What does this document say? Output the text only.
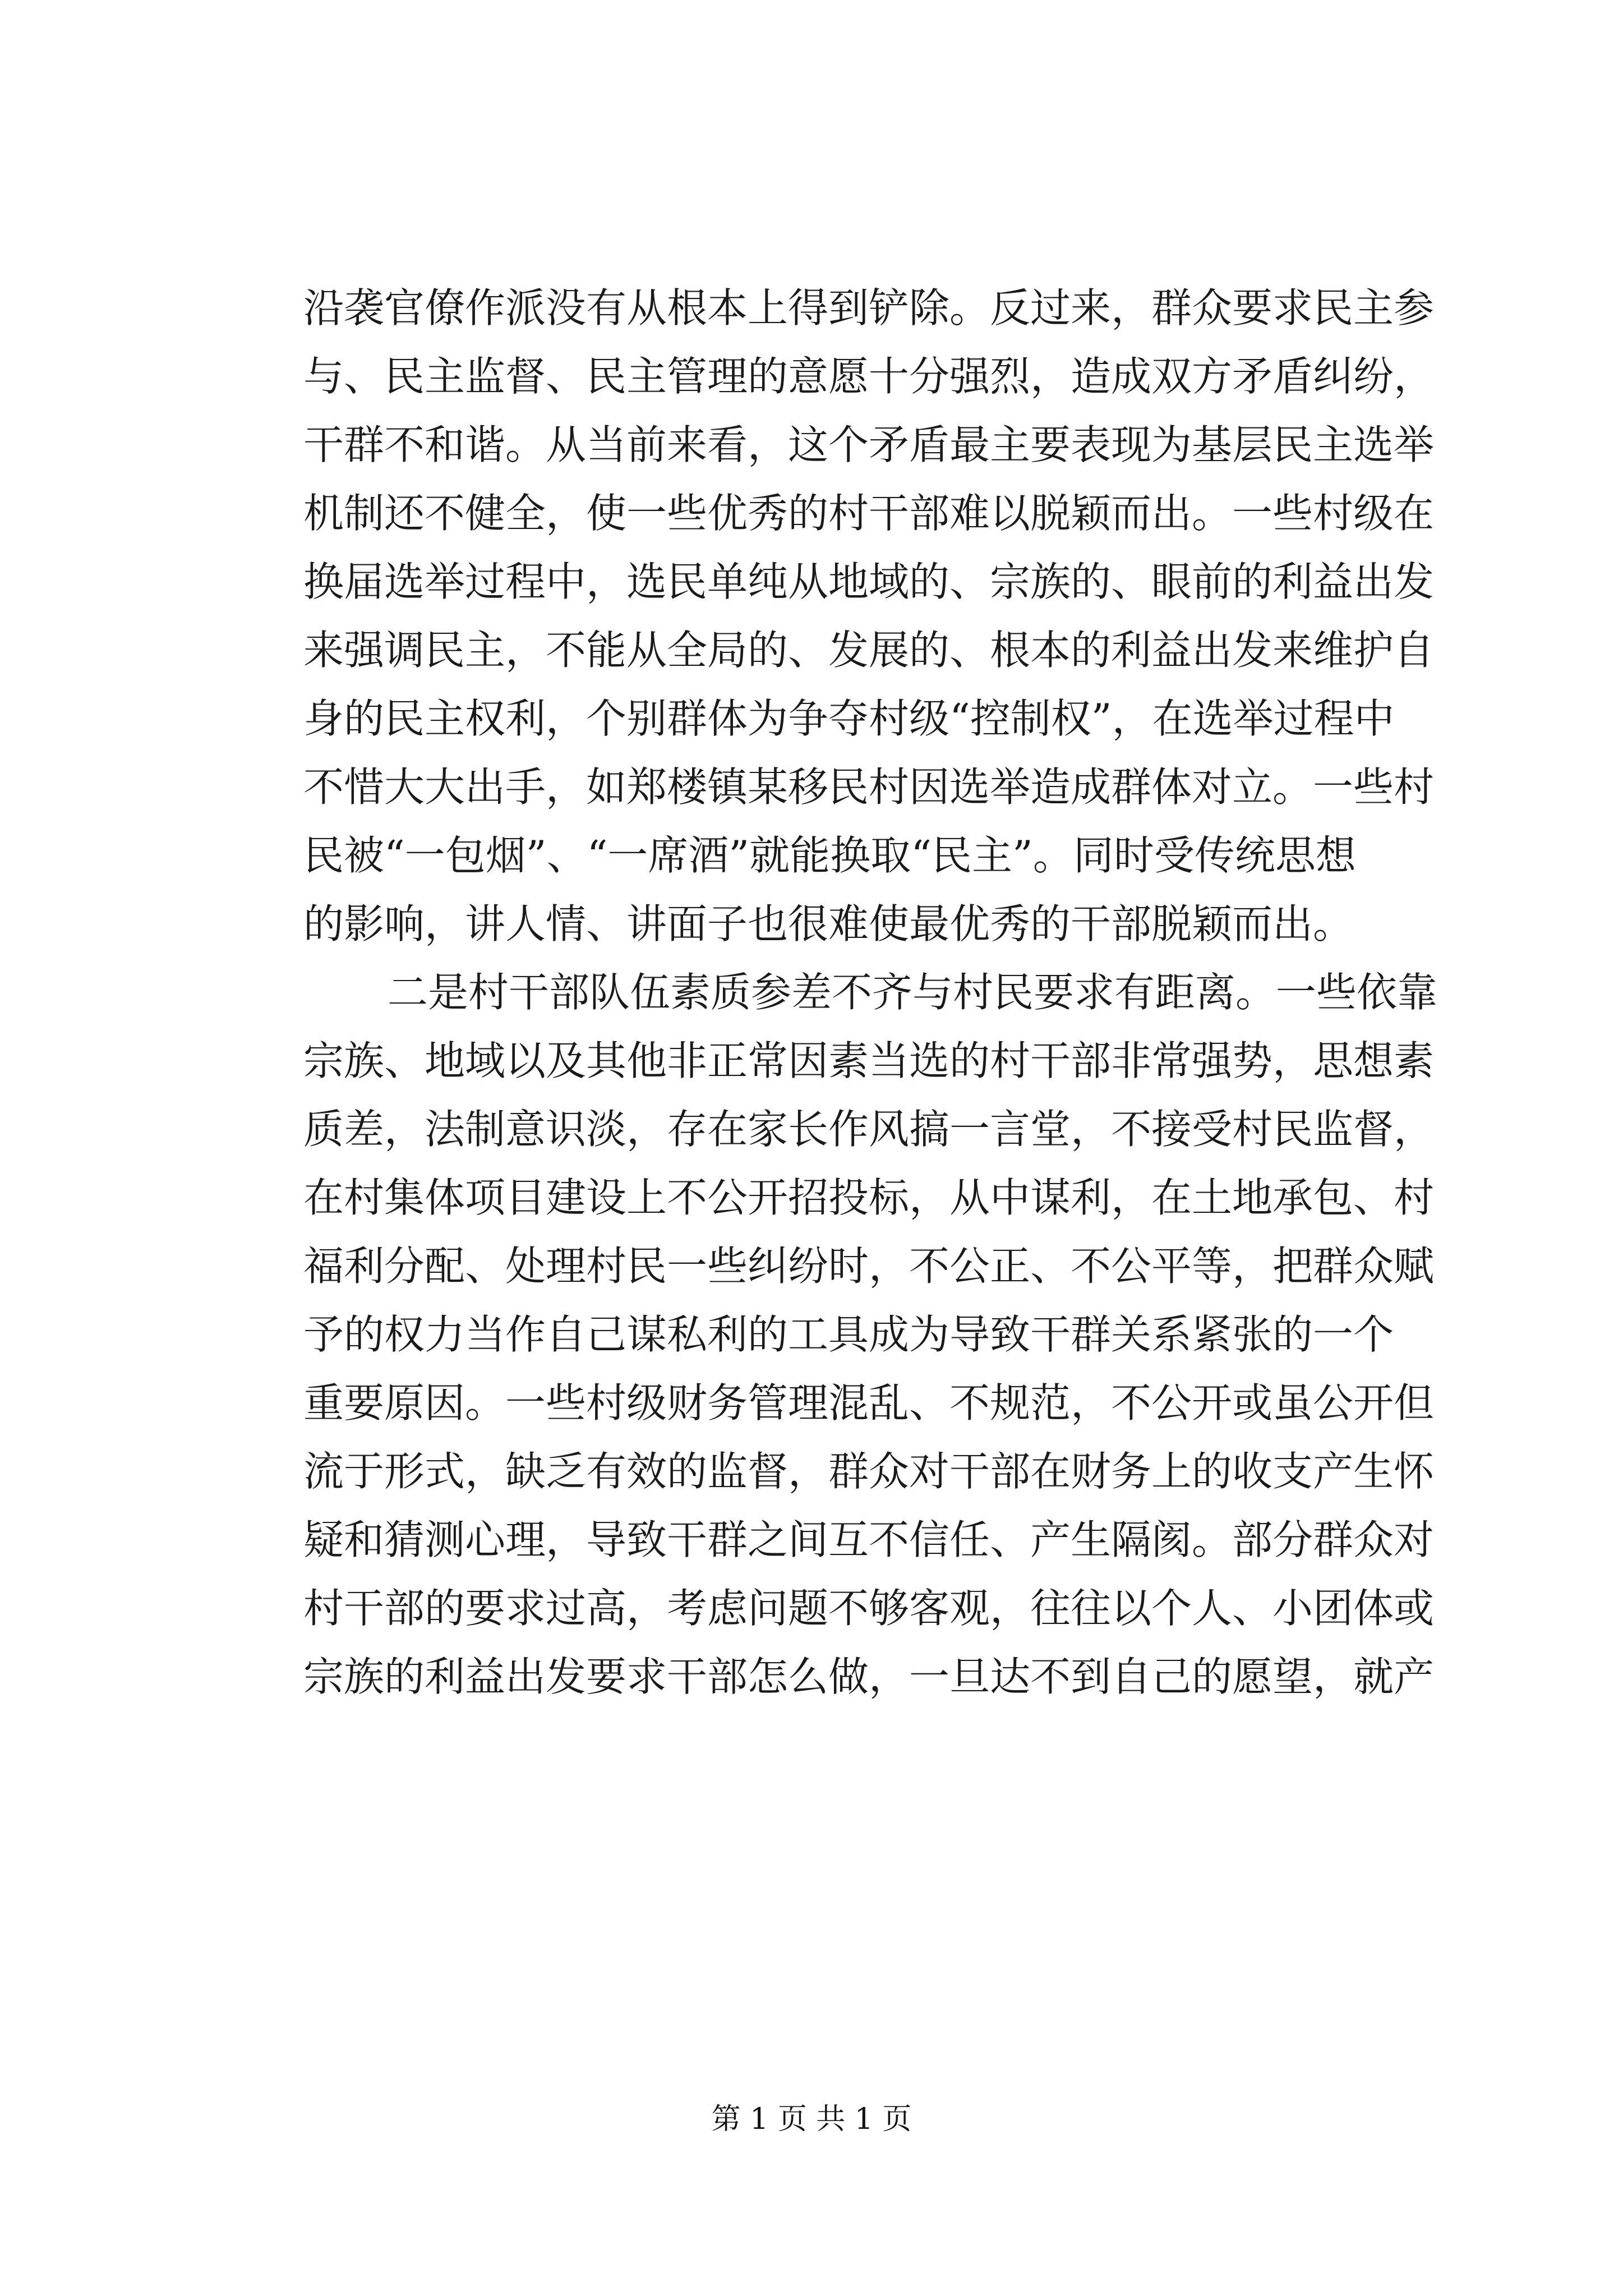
沿袭官僚作派没有从根本上得到铲除。反过来，群众要求民主参
与、民主监督、民主管理的意愿十分强烈，造成双方矛盾纠纷，
干群不和谐。从当前来看，这个矛盾最主要表现为基层民主选举
机制还不健全，使一些优秀的村干部难以脱颖而出。一些村级在
换届选举过程中，选民单纯从地域的、宗族的、眼前的利益出发
来强调民主，不能从全局的、发展的、根本的利益出发来维护自
身的民主权利，个别群体为争夺村级“控制权”，在选举过程中
不惜大大出手，如郑楼镇某移民村因选举造成群体对立。一些村
民被“一包烟”、“一席酒”就能换取“民主”。同时受传统思想
的影响，讲人情、讲面子也很难使最优秀的干部脱颖而出。
二是村干部队伍素质参差不齐与村民要求有距离。一些依靠
宗族、地域以及其他非正常因素当选的村干部非常强势，思想素
质差，法制意识淡，存在家长作风搞一言堂，不接受村民监督，
在村集体项目建设上不公开招投标，从中谋利，在土地承包、村
福利分配、处理村民一些纠纷时，不公正、不公平等，把群众赋
予的权力当作自己谋私利的工具成为导致干群关系紧张的一个
重要原因。一些村级财务管理混乱、不规范，不公开或虽公开但
流于形式，缺乏有效的监督，群众对干部在财务上的收支产生怀
疑和猜测心理，导致干群之间互不信任、产生隔阂。部分群众对
村干部的要求过高，考虑问题不够客观，往往以个人、小团体或
宗族的利益出发要求干部怎么做，一旦达不到自己的愿望，就产
第 1 页 共 1 页
